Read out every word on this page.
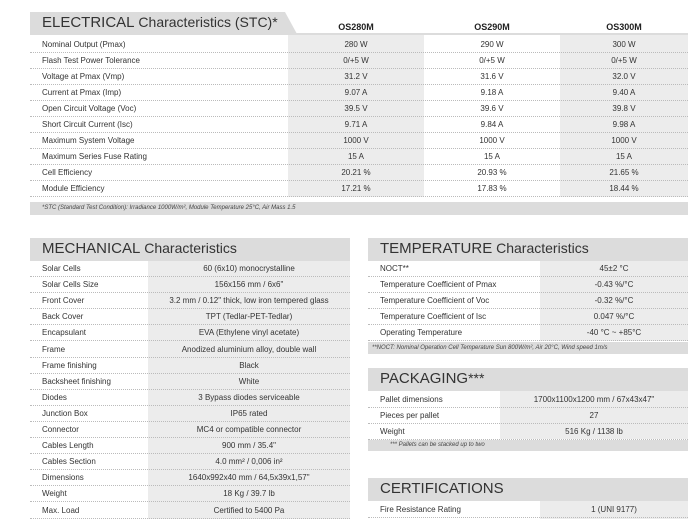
ELECTRICAL Characteristics (STC)*	OS280M	OS290M	OS300M
Nominal Output (Pmax)	280 W	290 W	300 W
Flash Test Power Tolerance	0/+5 W	0/+5 W	0/+5 W
Voltage at Pmax (Vmp)	31.2 V	31.6 V	32.0 V
Current at Pmax (Imp)	9.07 A	9.18 A	9.40 A
Open Circuit Voltage (Voc)	39.5 V	39.6 V	39.8 V
Short Circuit Current (Isc)	9.71 A	9.84 A	9.98 A
Maximum System Voltage	1000 V	1000 V	1000 V
Maximum Series Fuse Rating	15 A	15 A	15 A
Cell Efficiency	20.21 %	20.93 %	21.65 %
Module Efficiency	17.21 %	17.83 %	18.44 %
*STC (Standard Test Condition): Irradiance 1000W/m², Module Temperature 25°C, Air Mass 1.5
MECHANICAL Characteristics
Solar Cells	60 (6x10) monocrystalline
Solar Cells Size	156x156 mm / 6x6"
Front Cover	3.2 mm / 0.12" thick, low iron tempered glass
Back Cover	TPT (Tedlar-PET-Tedlar)
Encapsulant	EVA (Ethylene vinyl acetate)
Frame	Anodized aluminium alloy, double wall
Frame finishing	Black
Backsheet finishing	White
Diodes	3 Bypass diodes serviceable
Junction Box	IP65 rated
Connector	MC4 or compatible connector
Cables Length	900 mm / 35.4"
Cables Section	4.0 mm² / 0,006 in²
Dimensions	1640x992x40 mm / 64,5x39x1,57"
Weight	18 Kg / 39.7 lb
Max. Load	Certified to 5400 Pa
TEMPERATURE Characteristics
NOCT**	45±2 °C
Temperature Coefficient of Pmax	-0.43 %/°C
Temperature Coefficient of Voc	-0.32 %/°C
Temperature Coefficient of Isc	0.047 %/°C
Operating Temperature	-40 °C ~ +85°C
**NOCT: Nominal Operation Cell Temperature Sun 800W/m², Air 20°C, Wind speed 1m/s
PACKAGING***
Pallet dimensions	1700x1100x1200 mm / 67x43x47"
Pieces per pallet	27
Weight	516 Kg / 1138 lb
*** Pallets can be stacked up to two
CERTIFICATIONS
Fire Resistance Rating	1 (UNI 9177)
